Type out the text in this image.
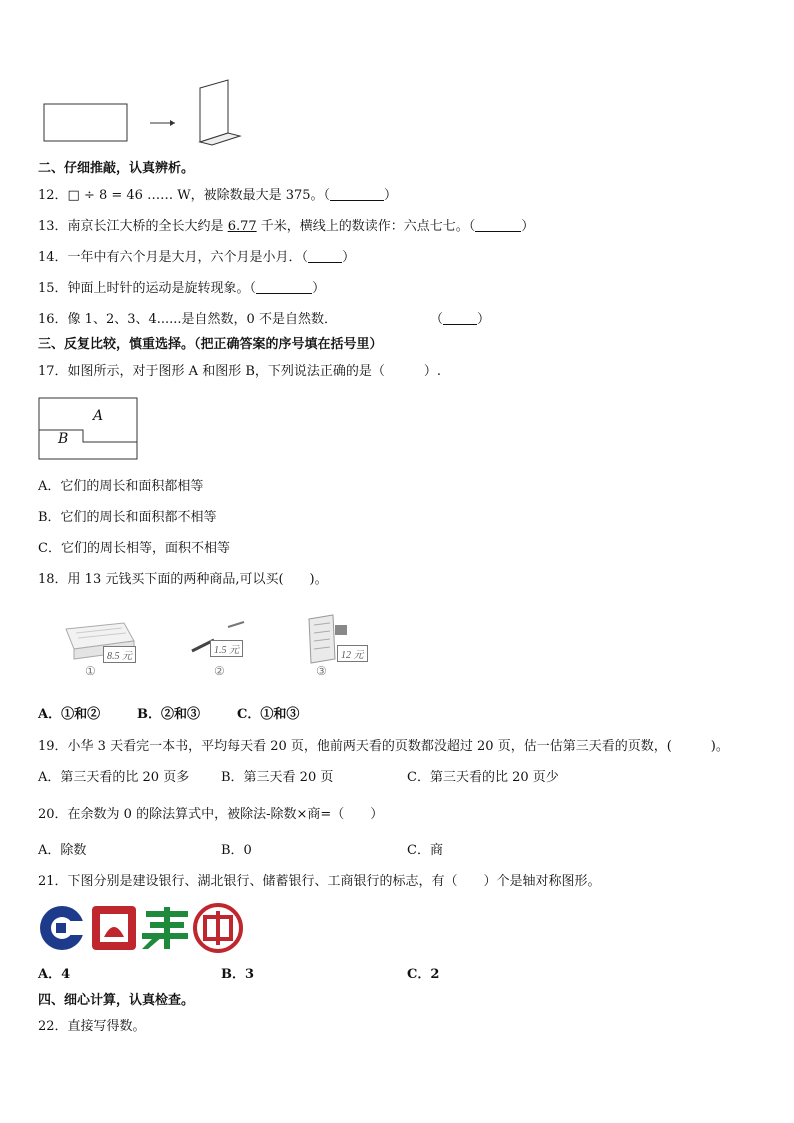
二、仔细推敲，认真辨析。
12．□ ÷ 8 = 46 …… W，被除数最大是 375。（	）
13．南京长江大桥的全长大约是 6.77 千米，横线上的数读作：六点七七。（	）
14．一年中有六个月是大月，六个月是小月．（	）
15．钟面上时针的运动是旋转现象。（	）
16．像 1、2、3、4......是自然数，0 不是自然数．	（	）
三、反复比较，慎重选择。（把正确答案的序号填在括号里）
17．如图所示，对于图形 A 和图形 B，下列说法正确的是（　　　）.
A
B
A．它们的周长和面积都相等
B．它们的周长和面积都不相等
C．它们的周长相等，面积不相等
18．用 13 元钱买下面的两种商品,可以买(　　)。
8.5 元
①
1.5 元
②
12 元
③
A．①和②	B．②和③	C．①和③
19．小华 3 天看完一本书，平均每天看 20 页，他前两天看的页数都没超过 20 页，估一估第三天看的页数，(　　　)。
A．第三天看的比 20 页多 B．第三天看 20 页	C．第三天看的比 20 页少
20．在余数为 0 的除法算式中，被除法-除数×商=（　　）
A．除数	B．0	C．商
21．下图分别是建设银行、湖北银行、储蓄银行、工商银行的标志，有（　　）个是轴对称图形。
A．4	B．3	C．2
四、细心计算，认真检查。
22．直接写得数。
